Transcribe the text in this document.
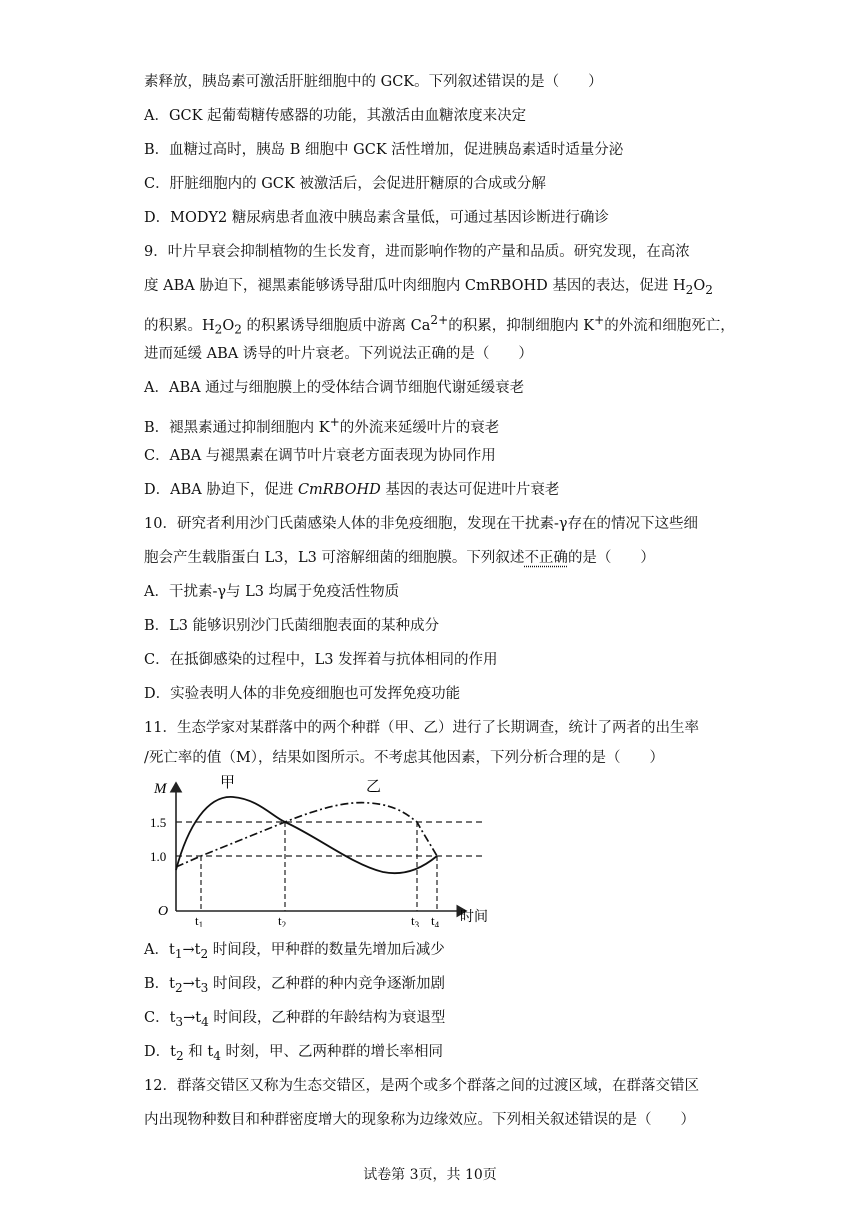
素释放，胰岛素可激活肝脏细胞中的 GCK。下列叙述错误的是（　　）
A．GCK 起葡萄糖传感器的功能，其激活由血糖浓度来决定
B．血糖过高时，胰岛 B 细胞中 GCK 活性增加，促进胰岛素适时适量分泌
C．肝脏细胞内的 GCK 被激活后，会促进肝糖原的合成或分解
D．MODY2 糖尿病患者血液中胰岛素含量低，可通过基因诊断进行确诊
9．叶片早衰会抑制植物的生长发育，进而影响作物的产量和品质。研究发现，在高浓
度 ABA 胁迫下，褪黑素能够诱导甜瓜叶肉细胞内 CmRBOHD 基因的表达，促进 $H_2O_2$
的积累。$H_2O_2$ 的积累诱导细胞质中游离 $Ca^{2+}$的积累，抑制细胞内 K+的外流和细胞死亡，
进而延缓 ABA 诱导的叶片衰老。下列说法正确的是（　　）
A．ABA 通过与细胞膜上的受体结合调节细胞代谢延缓衰老
B．褪黑素通过抑制细胞内 K+的外流来延缓叶片的衰老
C．ABA 与褪黑素在调节叶片衰老方面表现为协同作用
D．ABA 胁迫下，促进 CmRBOHD 基因的表达可促进叶片衰老
10．研究者利用沙门氏菌感染人体的非免疫细胞，发现在干扰素-γ存在的情况下这些细
胞会产生载脂蛋白 L3，L3 可溶解细菌的细胞膜。下列叙述不正确的是（　　）
A．干扰素-γ与 L3 均属于免疫活性物质
B．L3 能够识别沙门氏菌细胞表面的某种成分
C．在抵御感染的过程中，L3 发挥着与抗体相同的作用
D．实验表明人体的非免疫细胞也可发挥免疫功能
11．生态学家对某群落中的两个种群（甲、乙）进行了长期调查，统计了两者的出生率
/死亡率的值（M），结果如图所示。不考虑其他因素，下列分析合理的是（　　）
M
O	时间
1.5
1.0
$t_1$	$t_2$	$t_3$ $t_4$
甲	乙
A．$t_1\to t_2$ 时间段，甲种群的数量先增加后减少
B．$t_2\to t_3$ 时间段，乙种群的种内竞争逐渐加剧
C．$t_3\to t_4$ 时间段，乙种群的年龄结构为衰退型
D．$t_2$ 和 $t_4$ 时刻，甲、乙两种群的增长率相同
12．群落交错区又称为生态交错区，是两个或多个群落之间的过渡区域，在群落交错区
内出现物种数目和种群密度增大的现象称为边缘效应。下列相关叙述错误的是（　　）
试卷第 3页，共 10页
